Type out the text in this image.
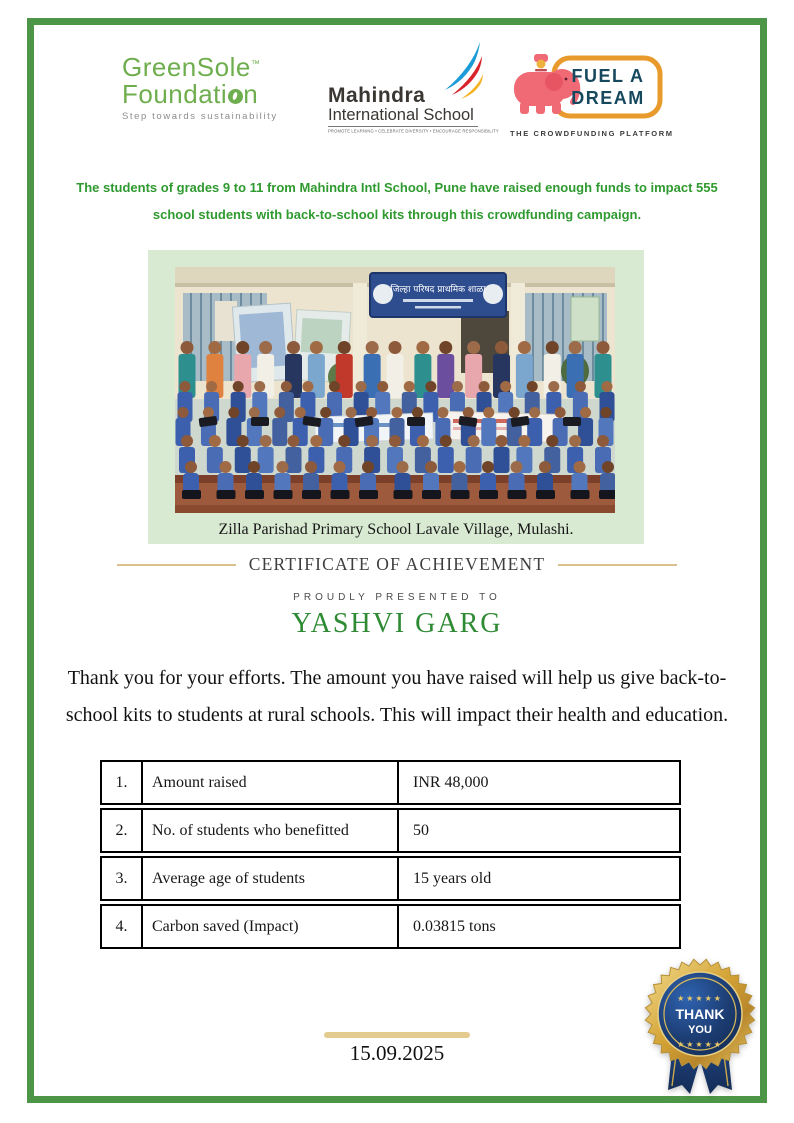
GreenSole™
Foundati n
Step towards sustainability
Mahindra
International School
PROMOTE LEARNING • CELEBRATE DIVERSITY • ENCOURAGE RESPONSIBILITY
FUEL A
DREAM
THE CROWDFUNDING PLATFORM
The students of grades 9 to 11 from Mahindra Intl School, Pune have raised enough funds to impact 555
school students with back-to-school kits through this crowdfunding campaign.
जिल्हा परिषद प्राथमिक शाळा
Zilla Parishad Primary School Lavale Village, Mulashi.
CERTIFICATE OF ACHIEVEMENT
PROUDLY PRESENTED TO
YASHVI GARG
Thank you for your efforts. The amount you have raised will help us give back-to-
school kits to students at rural schools. This will impact their health and education.
1.	Amount raised	INR 48,000
2.	No. of students who benefitted	50
3.	Average age of students	15 years old
4.	Carbon saved (Impact)	0.03815 tons
15.09.2025
★★★★★
THANK
YOU
★★★★★
